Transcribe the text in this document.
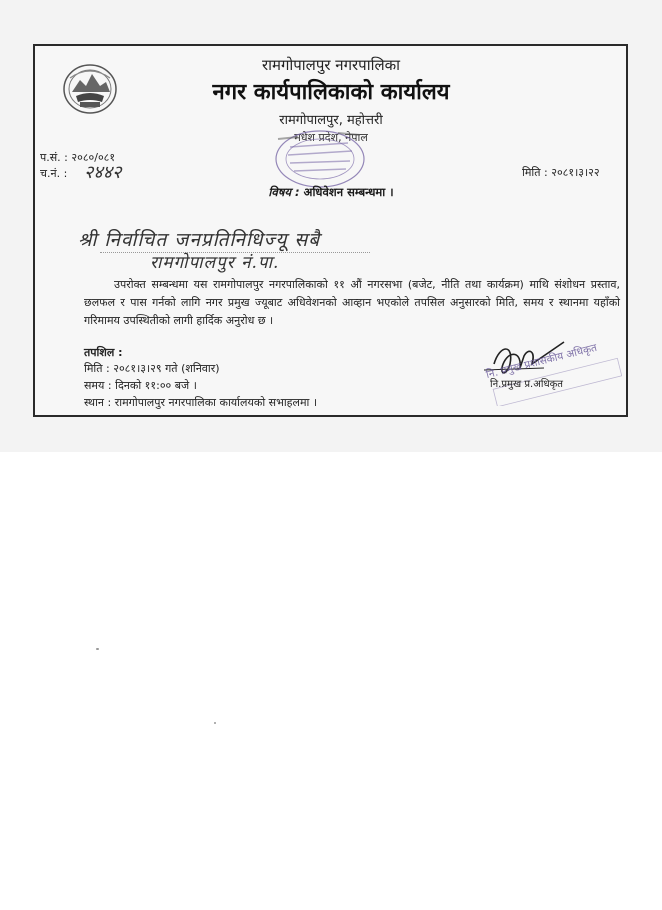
रामगोपालपुर नगरपालिका
नगर कार्यपालिकाको कार्यालय
रामगोपालपुर, महोत्तरी
मधेश प्रदेश, नेपाल
प.सं. : २०८०/०८१
च.नं. : २४४२	मिति : २०८१।३।२२
विषय : अधिवेशन सम्बन्धमा ।
श्री निर्वाचित जनप्रतिनिधिज्यू सबै
रामगोपालपुर नं.पा.
उपरोक्त सम्बन्धमा यस रामगोपालपुर नगरपालिकाको ११ औं नगरसभा (बजेट, नीति तथा कार्यक्रम) माथि संशोधन प्रस्ताव, छलफल र पास गर्नको लागि नगर प्रमुख ज्यूबाट अधिवेशनको आव्हान भएकोले तपसिल अनुसारको मिति, समय र स्थानमा यहाँको गरिमामय उपस्थितीको लागी हार्दिक अनुरोध छ ।
तपशिल :
मिति : २०८१।३।२९ गते (शनिवार)
समय : दिनको ११:०० बजे ।
स्थान : रामगोपालपुर नगरपालिका कार्यालयको सभाहलमा ।
नि.प्रमुख प्र.अधिकृत
नि. प्रमुख प्रशासकीय अधिकृत
